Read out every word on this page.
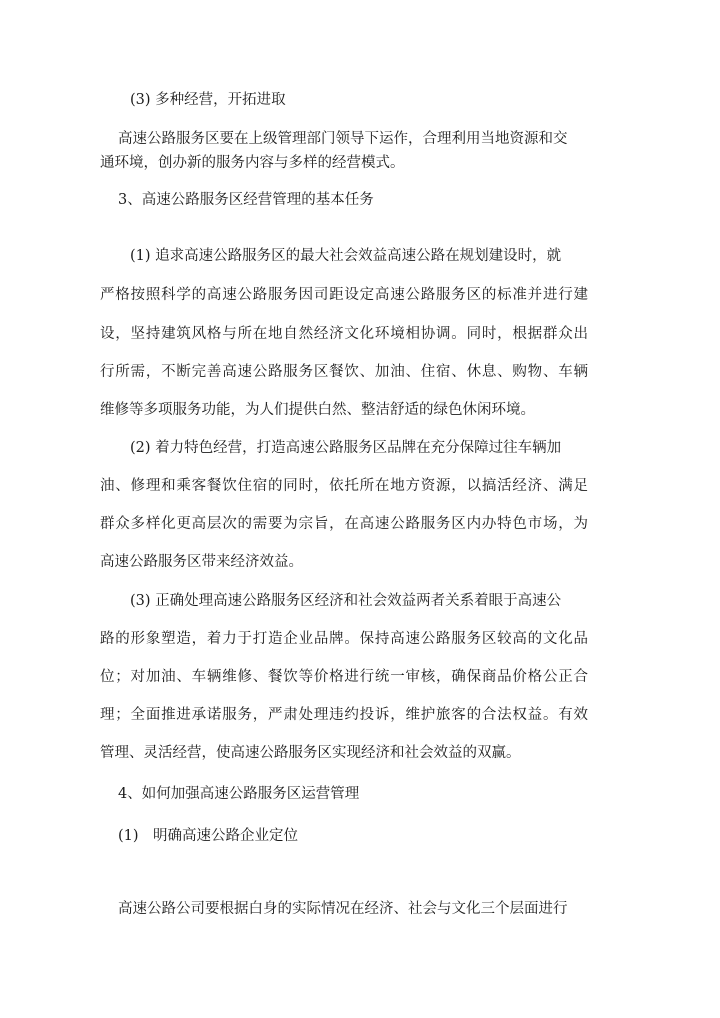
(3) 多种经营，开拓进取

高速公路服务区要在上级管理部门领导下运作，合理利用当地资源和交

通环境，创办新的服务内容与多样的经营模式。

3、高速公路服务区经营管理的基本任务

(1) 追求高速公路服务区的最大社会效益高速公路在规划建设时，就

严格按照科学的高速公路服务因司距设定高速公路服务区的标准并进行建

设，坚持建筑风格与所在地自然经济文化环境相协调。同时，根据群众出

行所需，不断完善高速公路服务区餐饮、加油、住宿、休息、购物、车辆

维修等多项服务功能，为人们提供白然、整洁舒适的绿色休闲环境。

(2) 着力特色经营，打造高速公路服务区品牌在充分保障过往车辆加

油、修理和乘客餐饮住宿的同时，依托所在地方资源，以搞活经济、满足

群众多样化更高层次的需要为宗旨，在高速公路服务区内办特色市场，为

高速公路服务区带来经济效益。

(3) 正确处理高速公路服务区经济和社会效益两者关系着眼于高速公

路的形象塑造，着力于打造企业品牌。保持高速公路服务区较高的文化品

位；对加油、车辆维修、餐饮等价格进行统一审核，确保商品价格公正合

理；全面推进承诺服务，严肃处理违约投诉，维护旅客的合法权益。有效

管理、灵活经营，使高速公路服务区实现经济和社会效益的双赢。

4、如何加强高速公路服务区运营管理

(1)　明确高速公路企业定位

高速公路公司要根据白身的实际情况在经济、社会与文化三个层面进行
